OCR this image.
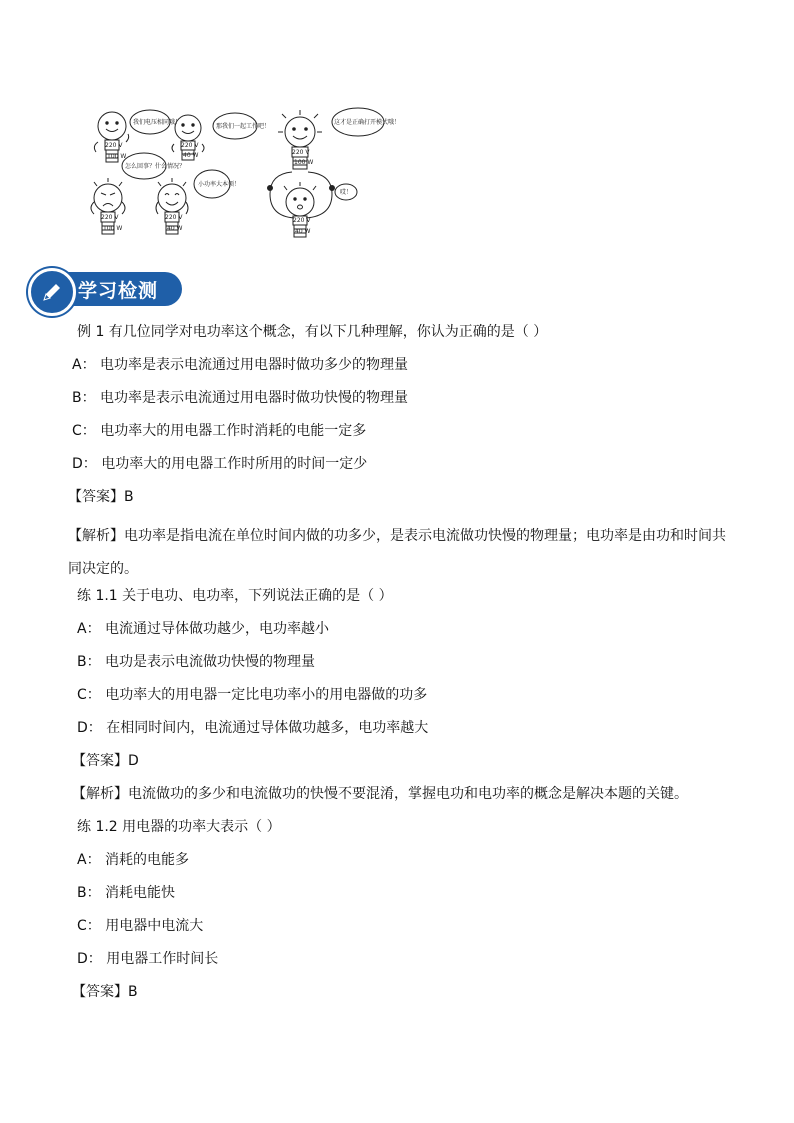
220 V
100 W
220 V
40 W
220 V
100 W
220 V
40 W
220 V
100 W
220 V
40 W
我们电压相同哦！
那我们一起工作吧！
怎么回事？什么情况？
小功率大本领！
这才是正确打开模式哦！
哎！
学习检测
例 1 有几位同学对电功率这个概念，有以下几种理解，你认为正确的是（ ）
A： 电功率是表示电流通过用电器时做功多少的物理量
B： 电功率是表示电流通过用电器时做功快慢的物理量
C： 电功率大的用电器工作时消耗的电能一定多
D： 电功率大的用电器工作时所用的时间一定少
【答案】B
【解析】电功率是指电流在单位时间内做的功多少，是表示电流做功快慢的物理量；电功率是由功和时间共同决定的。
练 1.1 关于电功、电功率，下列说法正确的是（ ）
A： 电流通过导体做功越少，电功率越小
B： 电功是表示电流做功快慢的物理量
C： 电功率大的用电器一定比电功率小的用电器做的功多
D： 在相同时间内，电流通过导体做功越多，电功率越大
【答案】D
【解析】电流做功的多少和电流做功的快慢不要混淆，掌握电功和电功率的概念是解决本题的关键。
练 1.2 用电器的功率大表示（ ）
A： 消耗的电能多
B： 消耗电能快
C： 用电器中电流大
D： 用电器工作时间长
【答案】B
